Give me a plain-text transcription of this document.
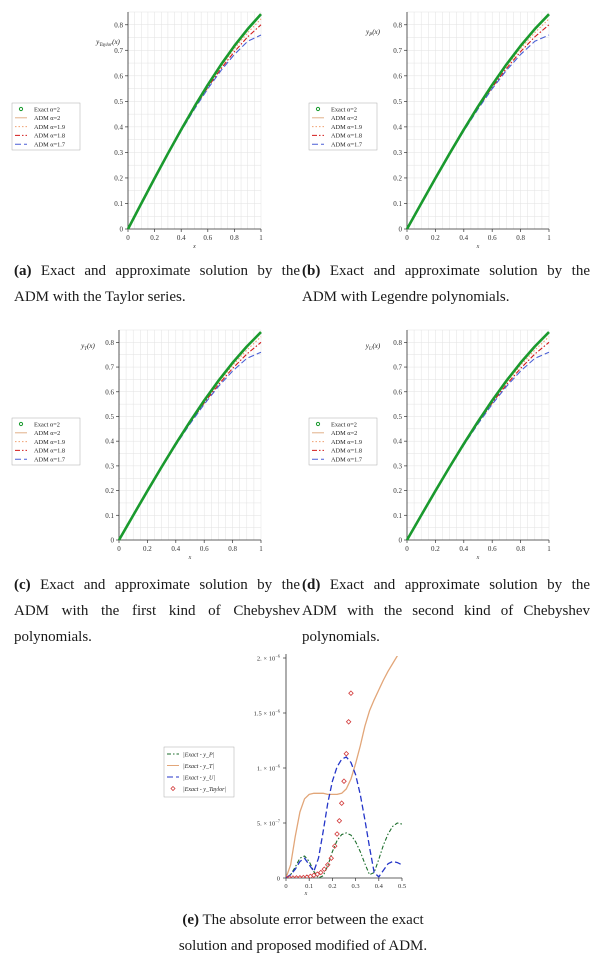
0	0.2	0.4	0.6	0.8	1
0
0.1
0.2
0.3
0.4
0.5
0.6
0.7
0.8
x
$y_{Taylor}(x)$
Exact α=2
ADM α=2
ADM α=1.9
ADM α=1.8
ADM α=1.7
(a) Exact and approximate solution by the ADM with the Taylor series.
0	0.2	0.4	0.6	0.8	1
0
0.1
0.2
0.3
0.4
0.5
0.6
0.7
0.8
x
$y_P(x)$
Exact α=2
ADM α=2
ADM α=1.9
ADM α=1.8
ADM α=1.7
(b) Exact and approximate solution by the ADM with Legendre polynomials.
0	0.2	0.4	0.6	0.8	1
0
0.1
0.2
0.3
0.4
0.5
0.6
0.7
0.8
x
$y_T(x)$
Exact α=2
ADM α=2
ADM α=1.9
ADM α=1.8
ADM α=1.7
(c) Exact and approximate solution by the ADM with the first kind of Chebyshev polynomials.
0	0.2	0.4	0.6	0.8	1
0
0.1
0.2
0.3
0.4
0.5
0.6
0.7
0.8
x
$y_U(x)$
Exact α=2
ADM α=2
ADM α=1.9
ADM α=1.8
ADM α=1.7
(d) Exact and approximate solution by the ADM with the second kind of Chebyshev polynomials.
0	0.1 0.2 0.3 0.4 0.5
0
5. × $10^{-7}$
1. × $10^{-6}$
$1.5 \times 10^{-6}$
2. × $10^{-6}$
x
|Exact - y_P|
|Exact - y_T|
|Exact - y_U|
|Exact - y_Taylor|
(e) The absolute error between the exact solution and proposed modified of ADM.
